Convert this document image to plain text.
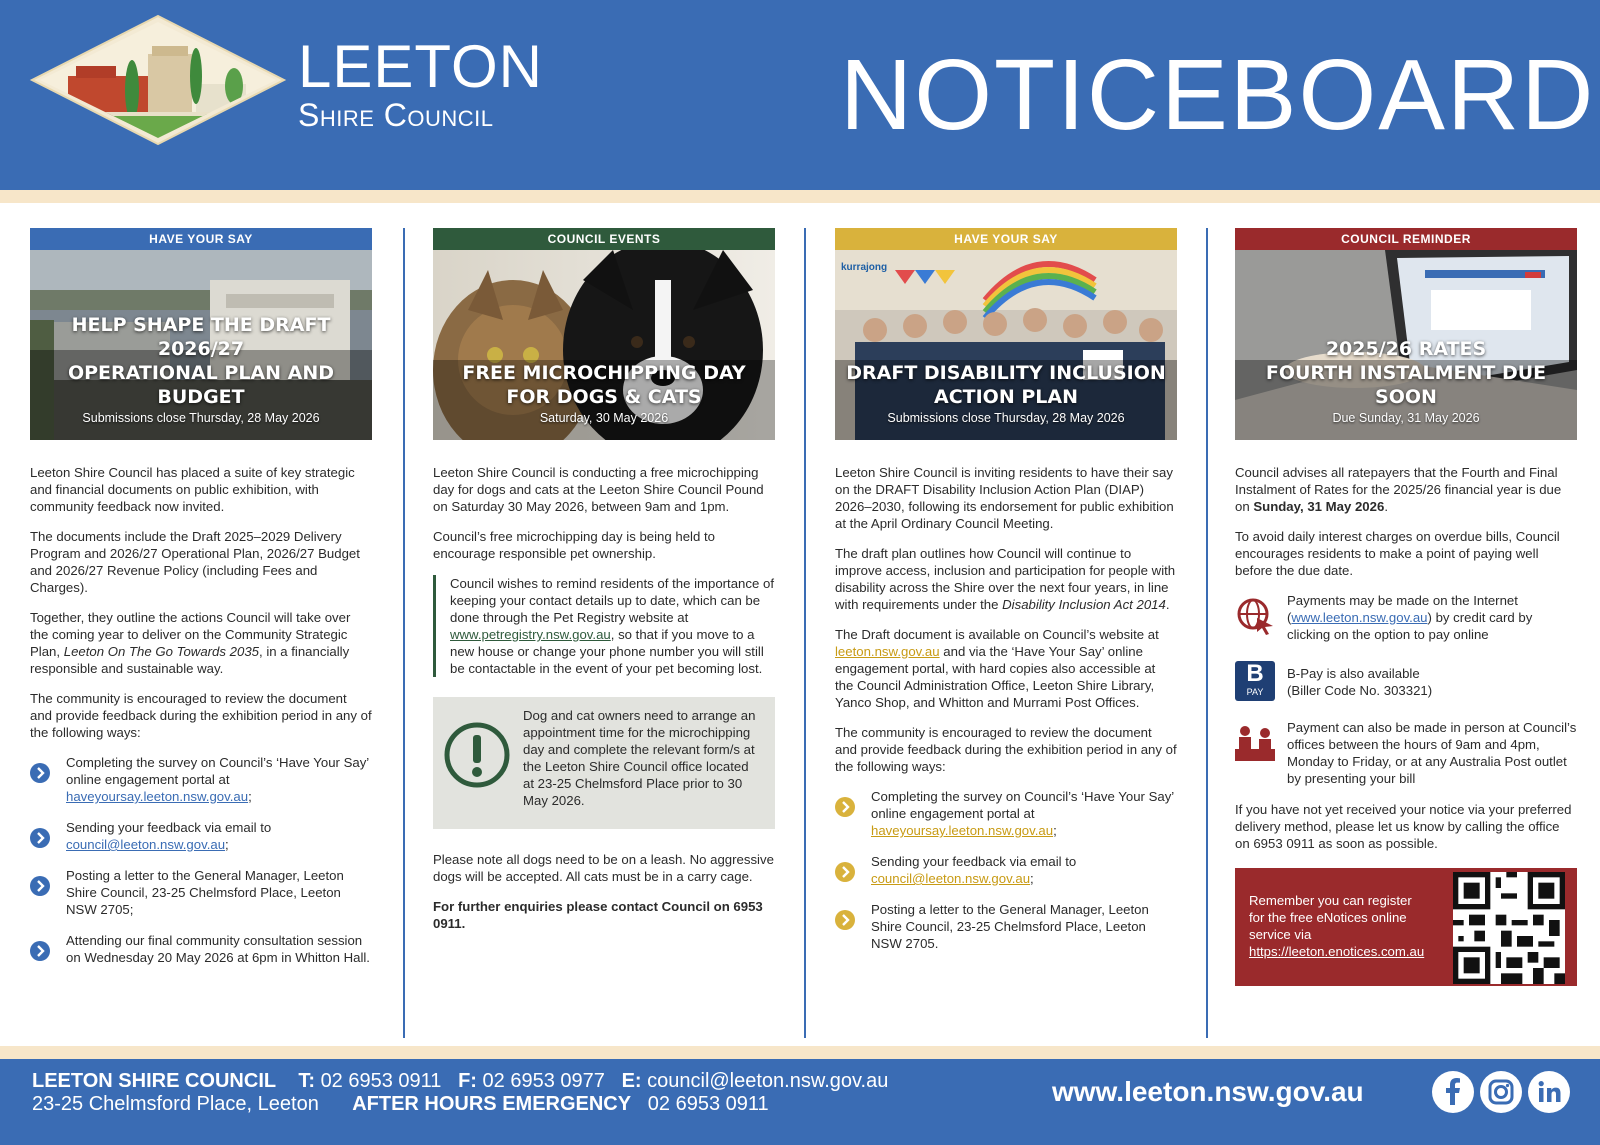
LEETON
Shire Council	NOTICEBOARD
HAVE YOUR SAY
HELP SHAPE THE DRAFT 2026/27
OPERATIONAL PLAN AND BUDGET
Submissions close Thursday, 28 May 2026

Leeton Shire Council has placed a suite of key strategic and financial documents on public exhibition, with community feedback now invited.

The documents include the Draft 2025–2029 Delivery Program and 2026/27 Operational Plan, 2026/27 Budget and 2026/27 Revenue Policy (including Fees and Charges).

Together, they outline the actions Council will take over the coming year to deliver on the Community Strategic Plan, Leeton On The Go Towards 2035, in a financially responsible and sustainable way.

The community is encouraged to review the document and provide feedback during the exhibition period in any of the following ways:

Completing the survey on Council’s ‘Have Your Say’ online engagement portal at haveyoursay.leeton.nsw.gov.au;
Sending your feedback via email to council@leeton.nsw.gov.au;
Posting a letter to the General Manager, Leeton Shire Council, 23-25 Chelmsford Place, Leeton NSW 2705;
Attending our final community consultation session on Wednesday 20 May 2026 at 6pm in Whitton Hall.
COUNCIL EVENTS
FREE MICROCHIPPING DAY
FOR DOGS & CATS
Saturday, 30 May 2026

Leeton Shire Council is conducting a free microchipping day for dogs and cats at the Leeton Shire Council Pound on Saturday 30 May 2026, between 9am and 1pm.

Council’s free microchipping day is being held to encourage responsible pet ownership.

Council wishes to remind residents of the importance of keeping your contact details up to date, which can be done through the Pet Registry website at www.petregistry.nsw.gov.au, so that if you move to a new house or change your phone number you will still be contactable in the event of your pet becoming lost.
Dog and cat owners need to arrange an appointment time for the microchipping day and complete the relevant form/s at the Leeton Shire Council office located at 23-25 Chelmsford Place prior to 30 May 2026.

Please note all dogs need to be on a leash. No aggressive dogs will be accepted. All cats must be in a carry cage.

For further enquiries please contact Council on 6953 0911.

HAVE YOUR SAY
kurrajong
DRAFT DISABILITY INCLUSION
ACTION PLAN
Submissions close Thursday, 28 May 2026

Leeton Shire Council is inviting residents to have their say on the DRAFT Disability Inclusion Action Plan (DIAP) 2026–2030, following its endorsement for public exhibition at the April Ordinary Council Meeting.

The draft plan outlines how Council will continue to improve access, inclusion and participation for people with disability across the Shire over the next four years, in line with requirements under the Disability Inclusion Act 2014.

The Draft document is available on Council’s website at leeton.nsw.gov.au and via the ‘Have Your Say’ online engagement portal, with hard copies also accessible at the Council Administration Office, Leeton Shire Library, Yanco Shop, and Whitton and Murrami Post Offices.

The community is encouraged to review the document and provide feedback during the exhibition period in any of the following ways:

Completing the survey on Council’s ‘Have Your Say’ online engagement portal at haveyoursay.leeton.nsw.gov.au;
Sending your feedback via email to council@leeton.nsw.gov.au;
Posting a letter to the General Manager, Leeton Shire Council, 23-25 Chelmsford Place, Leeton NSW 2705.
COUNCIL REMINDER
2025/26 RATES
FOURTH INSTALMENT DUE SOON
Due Sunday, 31 May 2026

Council advises all ratepayers that the Fourth and Final Instalment of Rates for the 2025/26 financial year is due on Sunday, 31 May 2026.

To avoid daily interest charges on overdue bills, Council encourages residents to make a point of paying well before the due date.

Payments may be made on the Internet (www.leeton.nsw.gov.au) by credit card by clicking on the option to pay online
B
PAY
B-Pay is also available
(Biller Code No. 303321)
Payment can also be made in person at Council’s offices between the hours of 9am and 4pm, Monday to Friday, or at any Australia Post outlet by presenting your bill

If you have not yet received your notice via your preferred delivery method, please let us know by calling the office on 6953 0911 as soon as possible.

Remember you can register for the free eNotices online service via https://leeton.enotices.com.au
LEETON SHIRE COUNCIL T: 02 6953 0911 F: 02 6953 0977 E: council@leeton.nsw.gov.au
23-25 Chelmsford Place, Leeton AFTER HOURS EMERGENCY 02 6953 0911	www.leeton.nsw.gov.au
